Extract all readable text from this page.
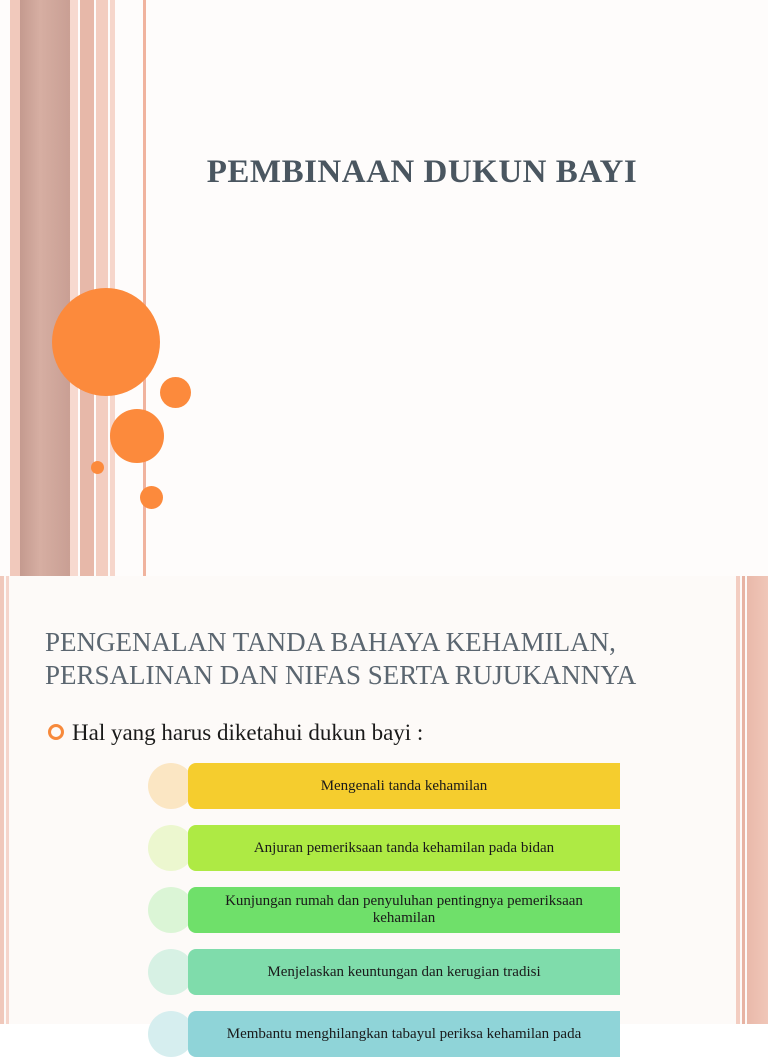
PEMBINAAN DUKUN BAYI
PENGENALAN TANDA BAHAYA KEHAMILAN,
PERSALINAN DAN NIFAS SERTA RUJUKANNYA
Hal yang harus diketahui dukun bayi :
Mengenali tanda kehamilan
Anjuran pemeriksaan tanda kehamilan pada bidan
Kunjungan rumah dan penyuluhan pentingnya pemeriksaan kehamilan
Menjelaskan keuntungan dan kerugian tradisi
Membantu menghilangkan tabayul periksa kehamilan pada
